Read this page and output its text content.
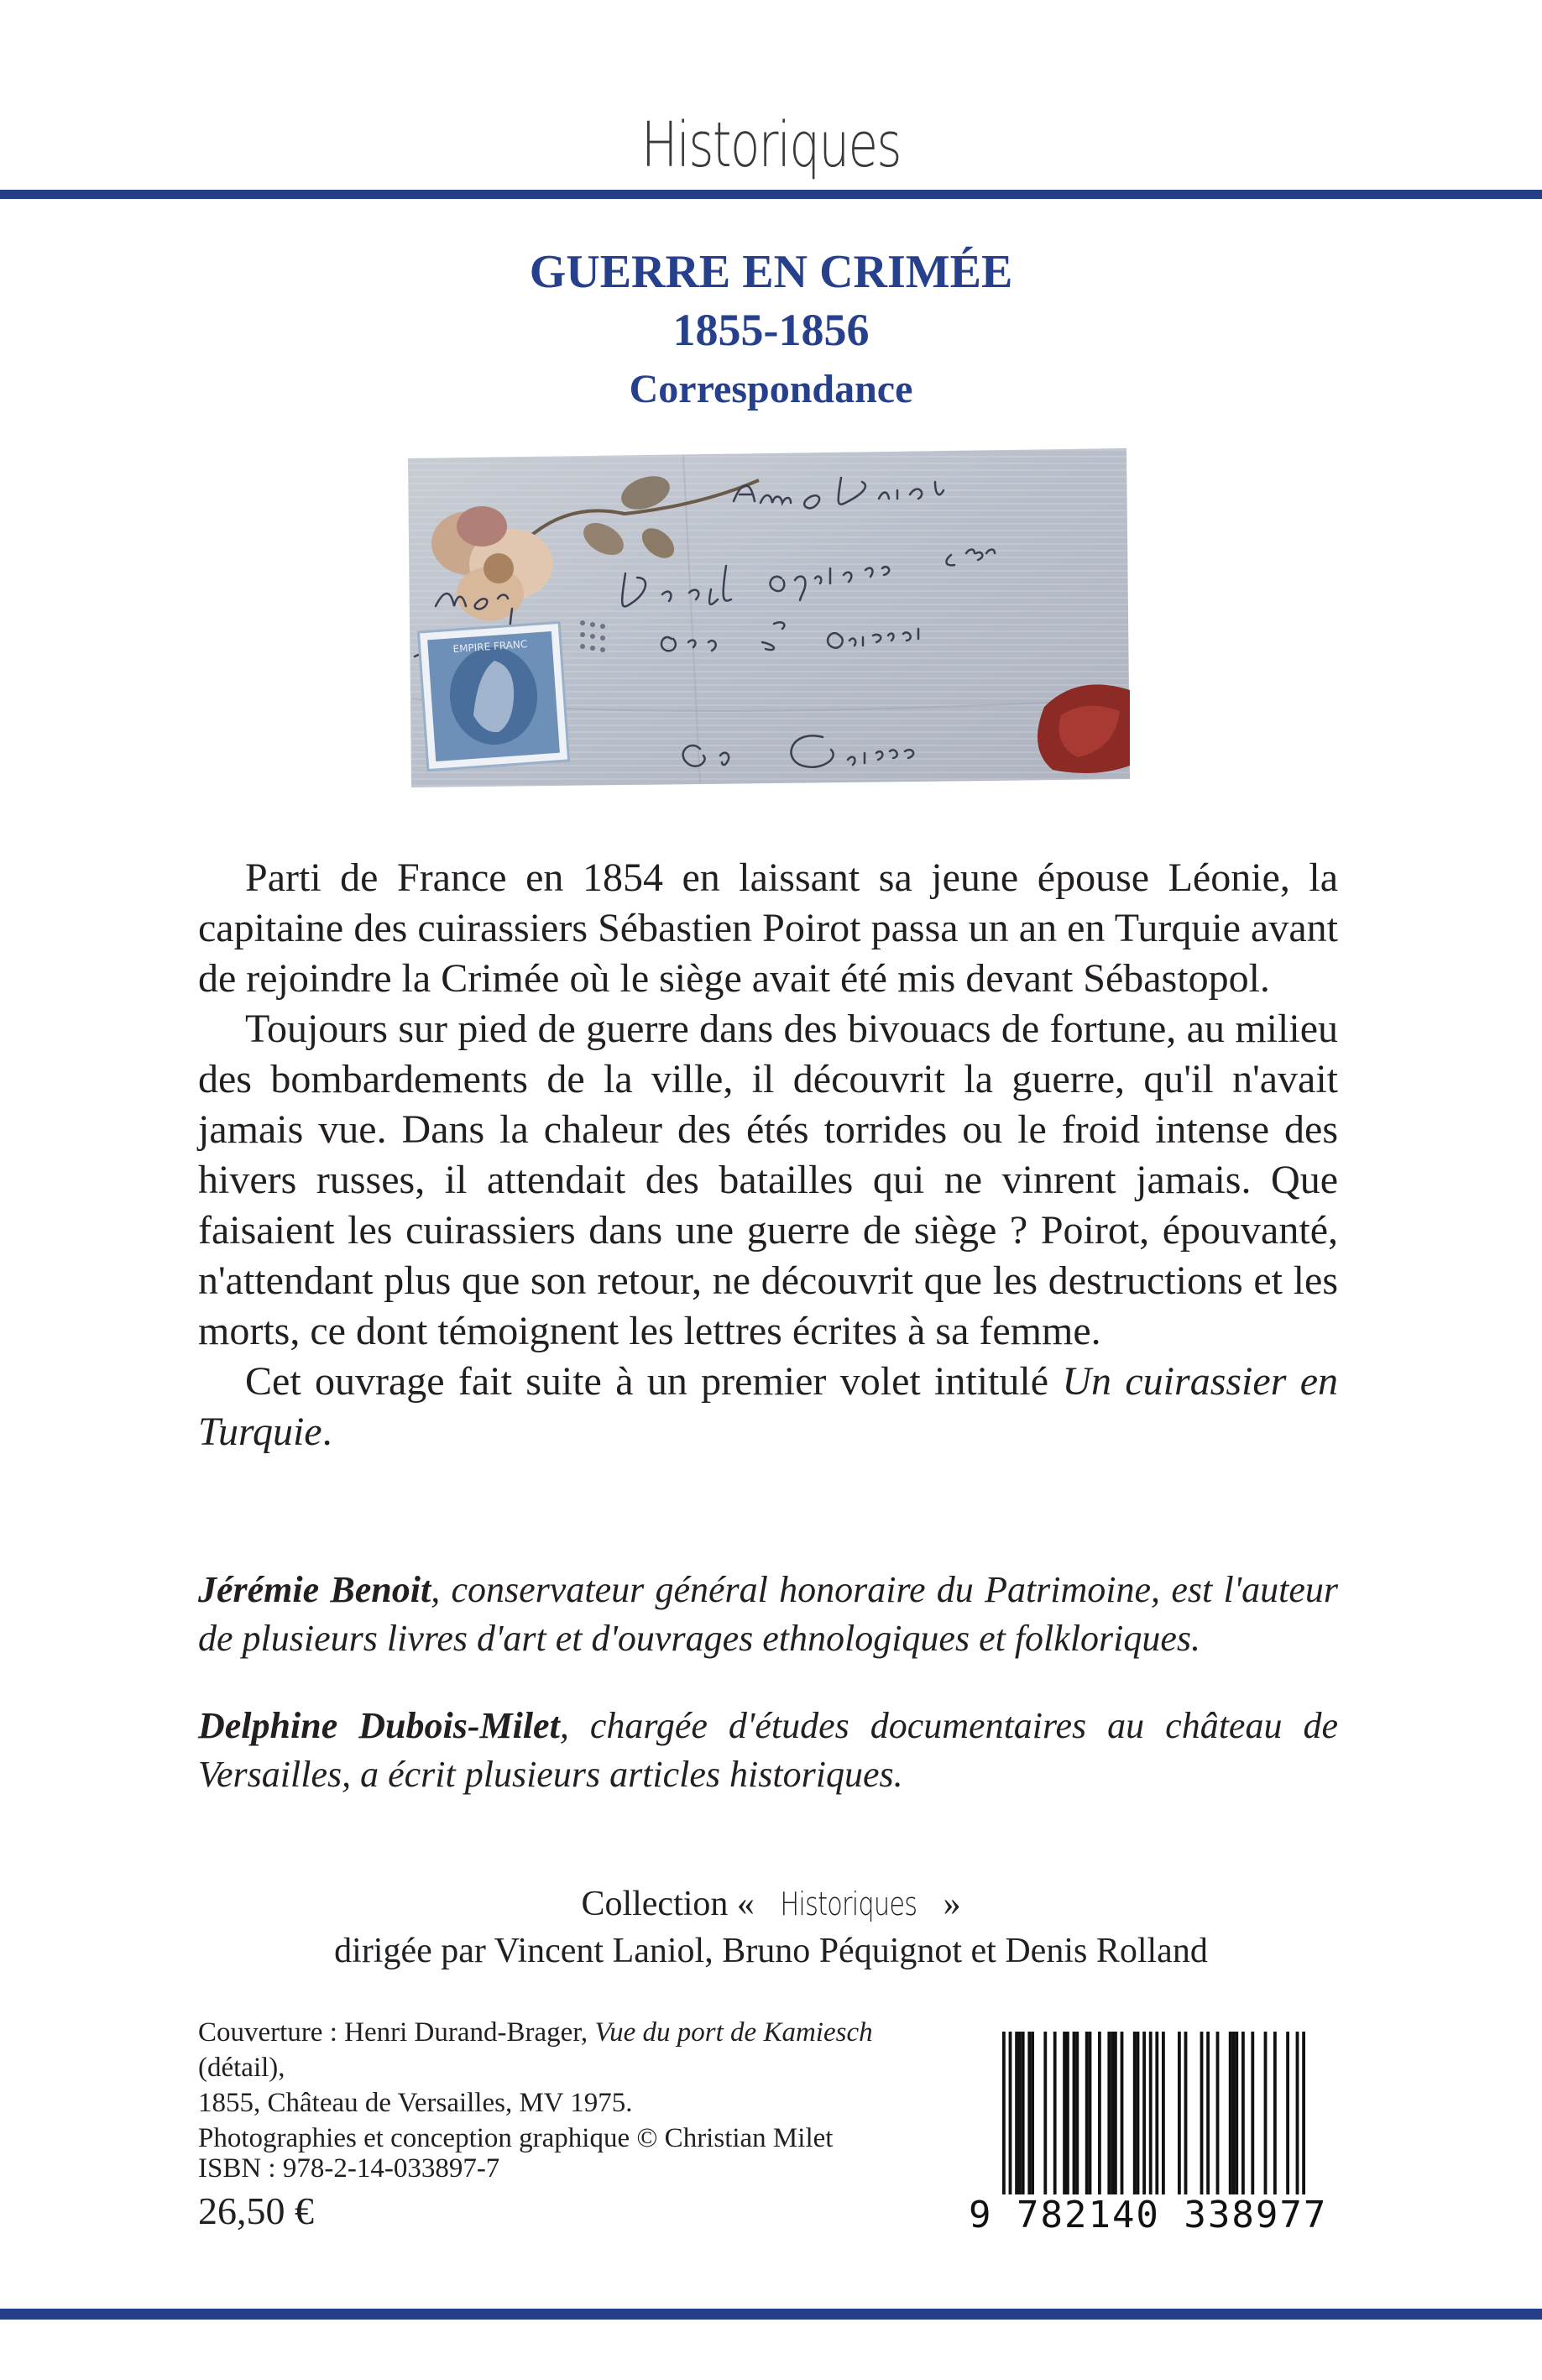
Historiques
GUERRE EN CRIMÉE
1855-1856
Correspondance
EMPIRE FRANC

Parti de France en 1854 en laissant sa jeune épouse Léonie, la capitaine des cuirassiers Sébastien Poirot passa un an en Turquie avant de rejoindre la Crimée où le siège avait été mis devant Sébastopol.

Toujours sur pied de guerre dans des bivouacs de fortune, au milieu des bombardements de la ville, il découvrit la guerre, qu'il n'avait jamais vue. Dans la chaleur des étés torrides ou le froid intense des hivers russes, il attendait des batailles qui ne vinrent jamais. Que faisaient les cuirassiers dans une guerre de siège ? Poirot, épouvanté, n'attendant plus que son retour, ne découvrit que les destructions et les morts, ce dont témoignent les lettres écrites à sa femme.

Cet ouvrage fait suite à un premier volet intitulé Un cuirassier en Turquie.

Jérémie Benoit, conservateur général honoraire du Patrimoine, est l'auteur de plusieurs livres d'art et d'ouvrages ethnologiques et folkloriques.

Delphine Dubois-Milet, chargée d'études documentaires au château de Versailles, a écrit plusieurs articles historiques.

Collection « Historiques »
dirigée par Vincent Laniol, Bruno Péquignot et Denis Rolland
Couverture : Henri Durand-Brager, Vue du port de Kamiesch (détail),
1855, Château de Versailles, MV 1975.
Photographies et conception graphique © Christian Milet
ISBN : 978-2-14-033897-7
26,50 €	9 782140 338977
